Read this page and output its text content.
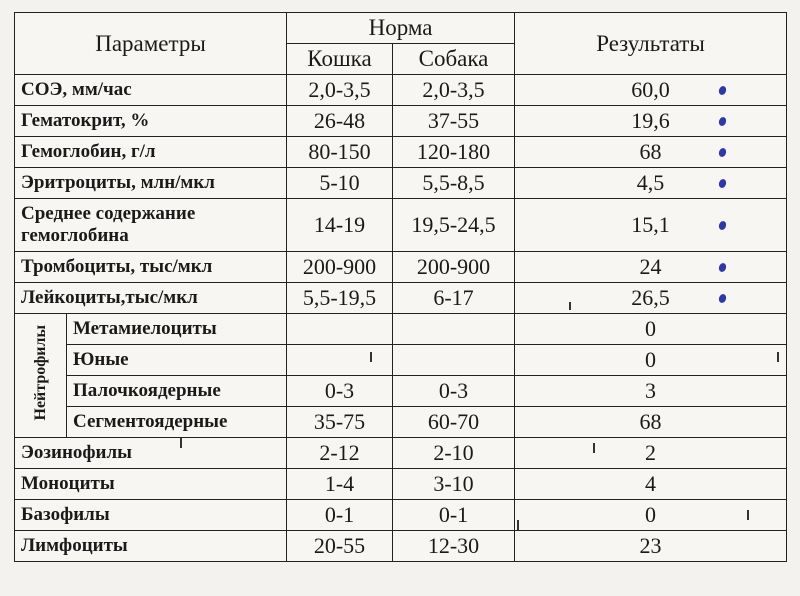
Параметры		Норма		Результаты
		Кошка	Собака	
СОЭ, мм/час		2,0-3,5	2,0-3,5	60,0

Гематокрит, %		26-48	37-55	19,6

Гемоглобин, г/л		80-150	120-180	68

Эритроциты, млн/мкл		5-10	5,5-8,5	4,5

Среднее содержание гемоглобина		14-19	19,5-24,5	15,1

Тромбоциты, тыс/мкл		200-900	200-900	24

Лейкоциты,тыс/мкл		5,5-19,5	6-17	26,5

Нейтрофилы	Метамиелоциты			0
	Юные			0
	Палочкоядерные	0-3	0-3	3
	Сегментоядерные	35-75	60-70	68
Эозинофилы		2-12	2-10	2
Моноциты		1-4	3-10	4
Базофилы		0-1	0-1	0
Лимфоциты		20-55	12-30	23
